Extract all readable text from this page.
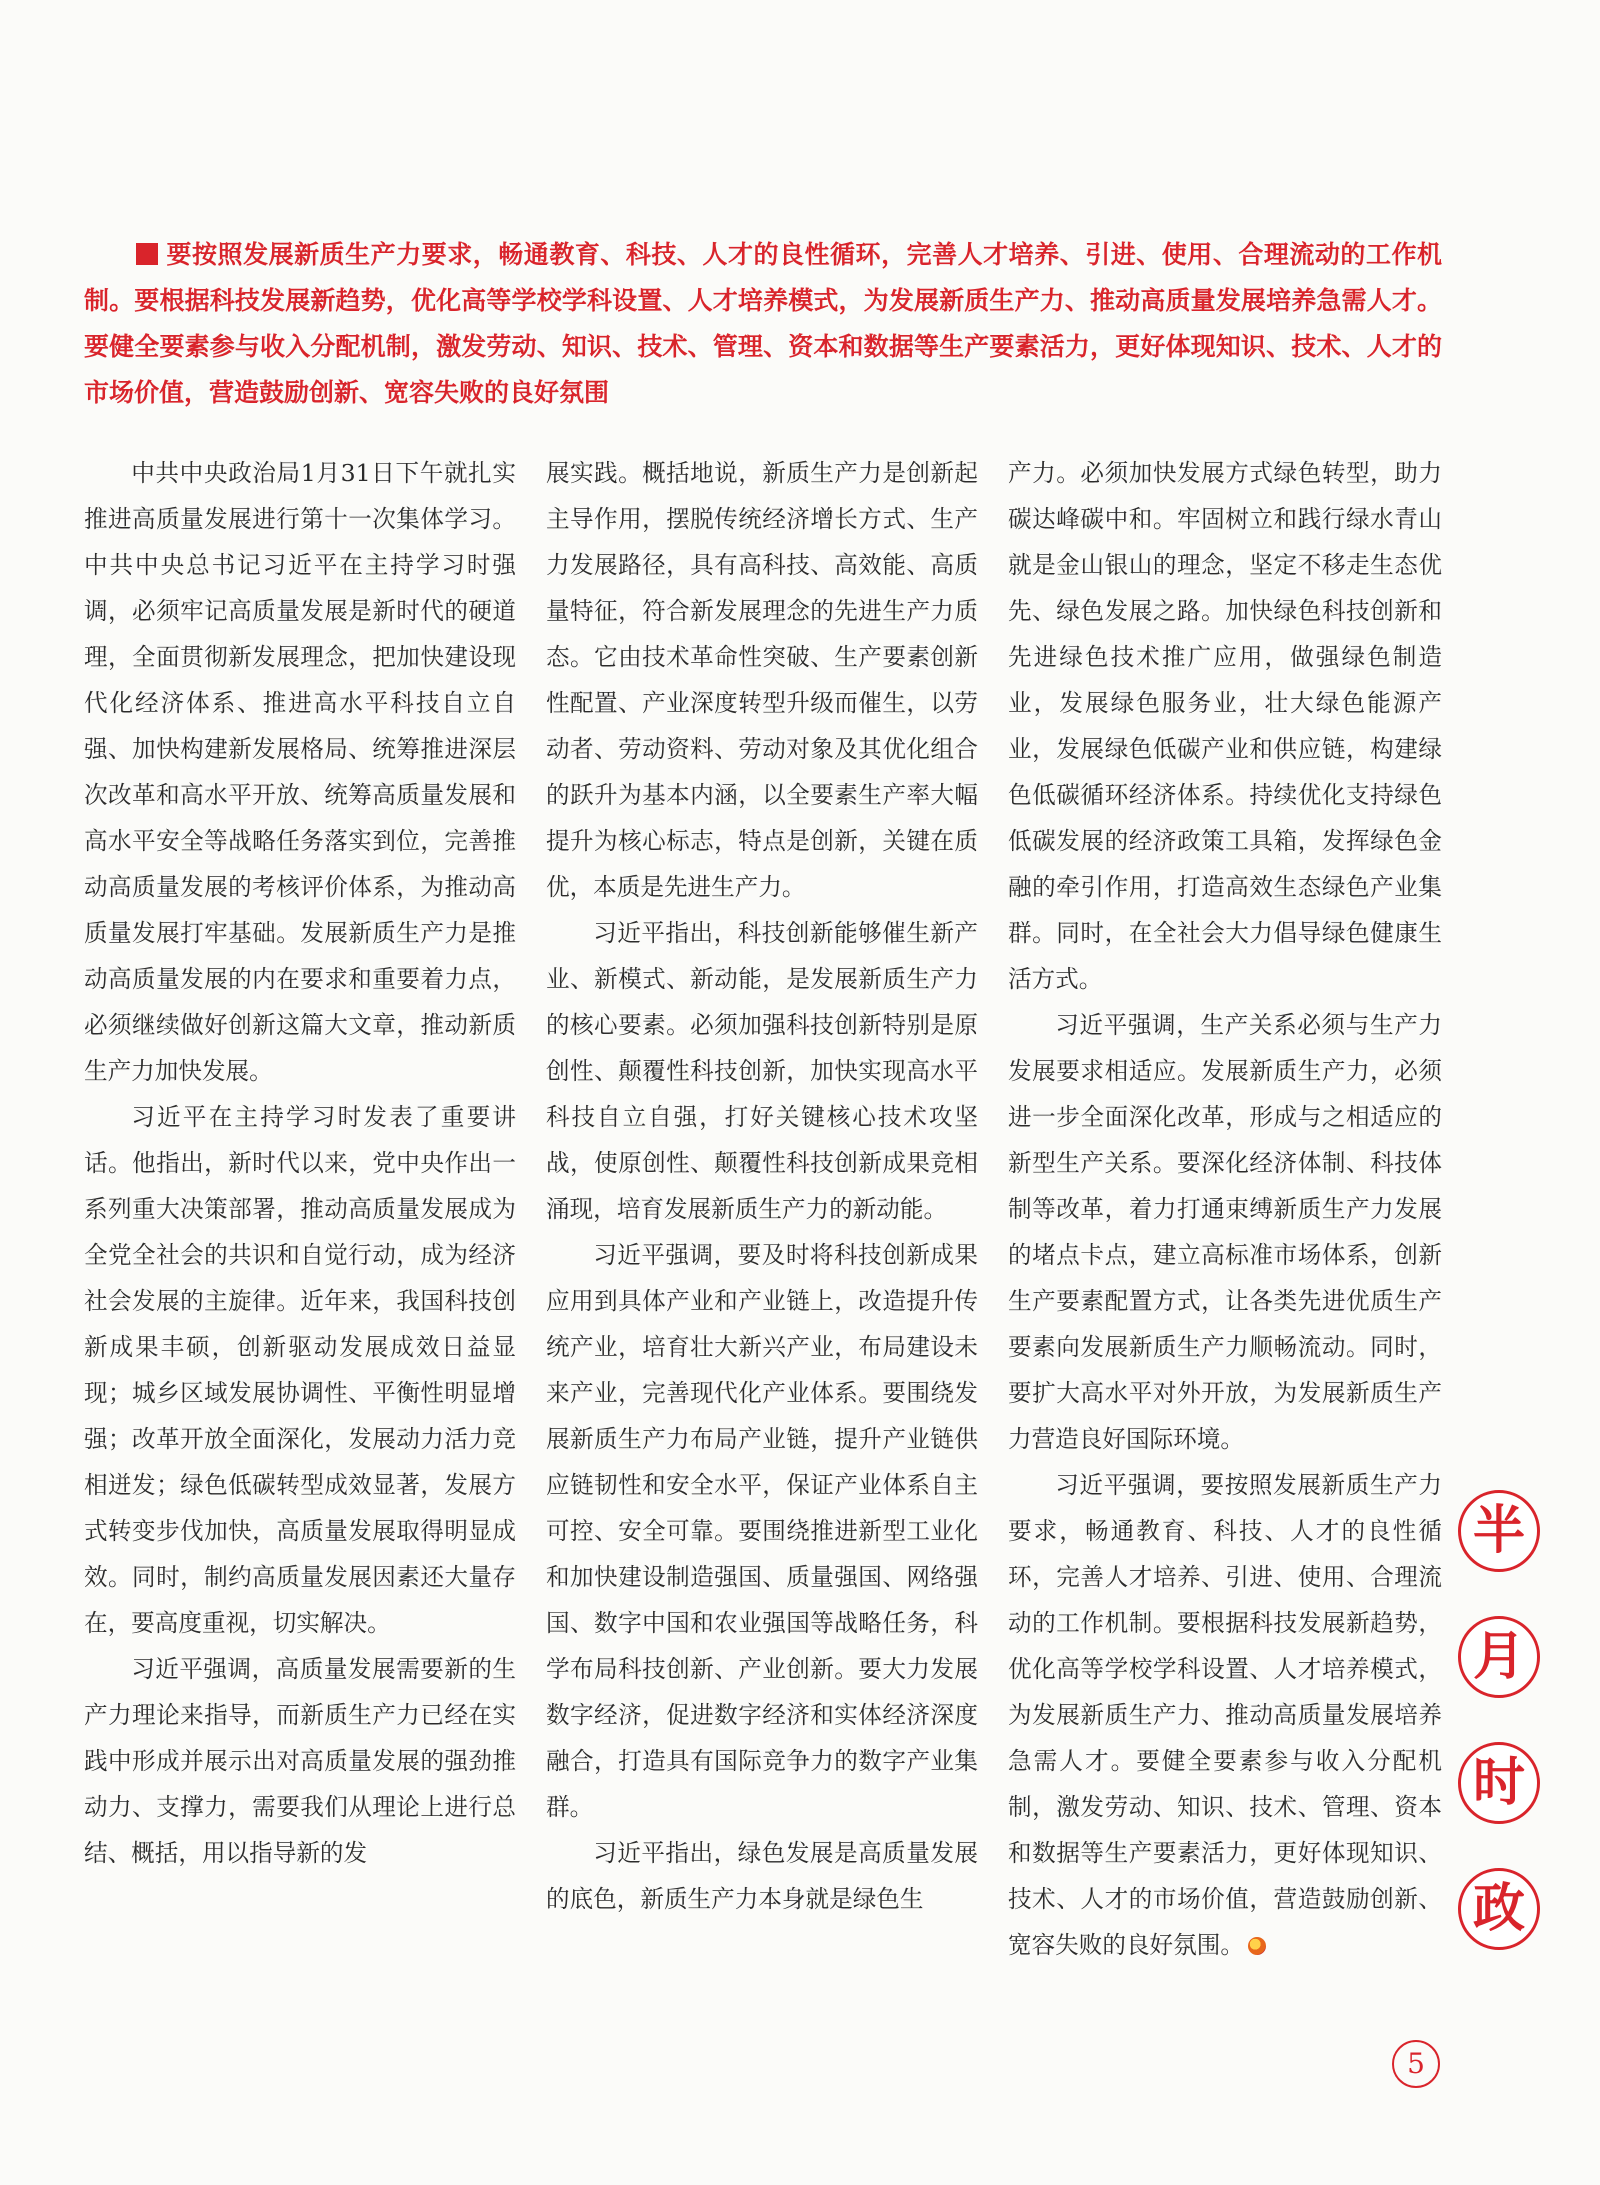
要按照发展新质生产力要求，畅通教育、科技、人才的良性循环，完善人才培养、引进、使用、合理流动的工作机制。要根据科技发展新趋势，优化高等学校学科设置、人才培养模式，为发展新质生产力、推动高质量发展培养急需人才。要健全要素参与收入分配机制，激发劳动、知识、技术、管理、资本和数据等生产要素活力，更好体现知识、技术、人才的市场价值，营造鼓励创新、宽容失败的良好氛围

中共中央政治局1月31日下午就扎实推进高质量发展进行第十一次集体学习。中共中央总书记习近平在主持学习时强调，必须牢记高质量发展是新时代的硬道理，全面贯彻新发展理念，把加快建设现代化经济体系、推进高水平科技自立自强、加快构建新发展格局、统筹推进深层次改革和高水平开放、统筹高质量发展和高水平安全等战略任务落实到位，完善推动高质量发展的考核评价体系，为推动高质量发展打牢基础。发展新质生产力是推动高质量发展的内在要求和重要着力点，必须继续做好创新这篇大文章，推动新质生产力加快发展。

习近平在主持学习时发表了重要讲话。他指出，新时代以来，党中央作出一系列重大决策部署，推动高质量发展成为全党全社会的共识和自觉行动，成为经济社会发展的主旋律。近年来，我国科技创新成果丰硕，创新驱动发展成效日益显现；城乡区域发展协调性、平衡性明显增强；改革开放全面深化，发展动力活力竞相迸发；绿色低碳转型成效显著，发展方式转变步伐加快，高质量发展取得明显成效。同时，制约高质量发展因素还大量存在，要高度重视，切实解决。

习近平强调，高质量发展需要新的生产力理论来指导，而新质生产力已经在实践中形成并展示出对高质量发展的强劲推动力、支撑力，需要我们从理论上进行总结、概括，用以指导新的发

展实践。概括地说，新质生产力是创新起主导作用，摆脱传统经济增长方式、生产力发展路径，具有高科技、高效能、高质量特征，符合新发展理念的先进生产力质态。它由技术革命性突破、生产要素创新性配置、产业深度转型升级而催生，以劳动者、劳动资料、劳动对象及其优化组合的跃升为基本内涵，以全要素生产率大幅提升为核心标志，特点是创新，关键在质优，本质是先进生产力。

习近平指出，科技创新能够催生新产业、新模式、新动能，是发展新质生产力的核心要素。必须加强科技创新特别是原创性、颠覆性科技创新，加快实现高水平科技自立自强，打好关键核心技术攻坚战，使原创性、颠覆性科技创新成果竞相涌现，培育发展新质生产力的新动能。

习近平强调，要及时将科技创新成果应用到具体产业和产业链上，改造提升传统产业，培育壮大新兴产业，布局建设未来产业，完善现代化产业体系。要围绕发展新质生产力布局产业链，提升产业链供应链韧性和安全水平，保证产业体系自主可控、安全可靠。要围绕推进新型工业化和加快建设制造强国、质量强国、网络强国、数字中国和农业强国等战略任务，科学布局科技创新、产业创新。要大力发展数字经济，促进数字经济和实体经济深度融合，打造具有国际竞争力的数字产业集群。

习近平指出，绿色发展是高质量发展的底色，新质生产力本身就是绿色生

产力。必须加快发展方式绿色转型，助力碳达峰碳中和。牢固树立和践行绿水青山就是金山银山的理念，坚定不移走生态优先、绿色发展之路。加快绿色科技创新和先进绿色技术推广应用，做强绿色制造业，发展绿色服务业，壮大绿色能源产业，发展绿色低碳产业和供应链，构建绿色低碳循环经济体系。持续优化支持绿色低碳发展的经济政策工具箱，发挥绿色金融的牵引作用，打造高效生态绿色产业集群。同时，在全社会大力倡导绿色健康生活方式。

习近平强调，生产关系必须与生产力发展要求相适应。发展新质生产力，必须进一步全面深化改革，形成与之相适应的新型生产关系。要深化经济体制、科技体制等改革，着力打通束缚新质生产力发展的堵点卡点，建立高标准市场体系，创新生产要素配置方式，让各类先进优质生产要素向发展新质生产力顺畅流动。同时，要扩大高水平对外开放，为发展新质生产力营造良好国际环境。

习近平强调，要按照发展新质生产力要求，畅通教育、科技、人才的良性循环，完善人才培养、引进、使用、合理流动的工作机制。要根据科技发展新趋势，优化高等学校学科设置、人才培养模式，为发展新质生产力、推动高质量发展培养急需人才。要健全要素参与收入分配机制，激发劳动、知识、技术、管理、资本和数据等生产要素活力，更好体现知识、技术、人才的市场价值，营造鼓励创新、宽容失败的良好氛围。

半
月
时
政
5
